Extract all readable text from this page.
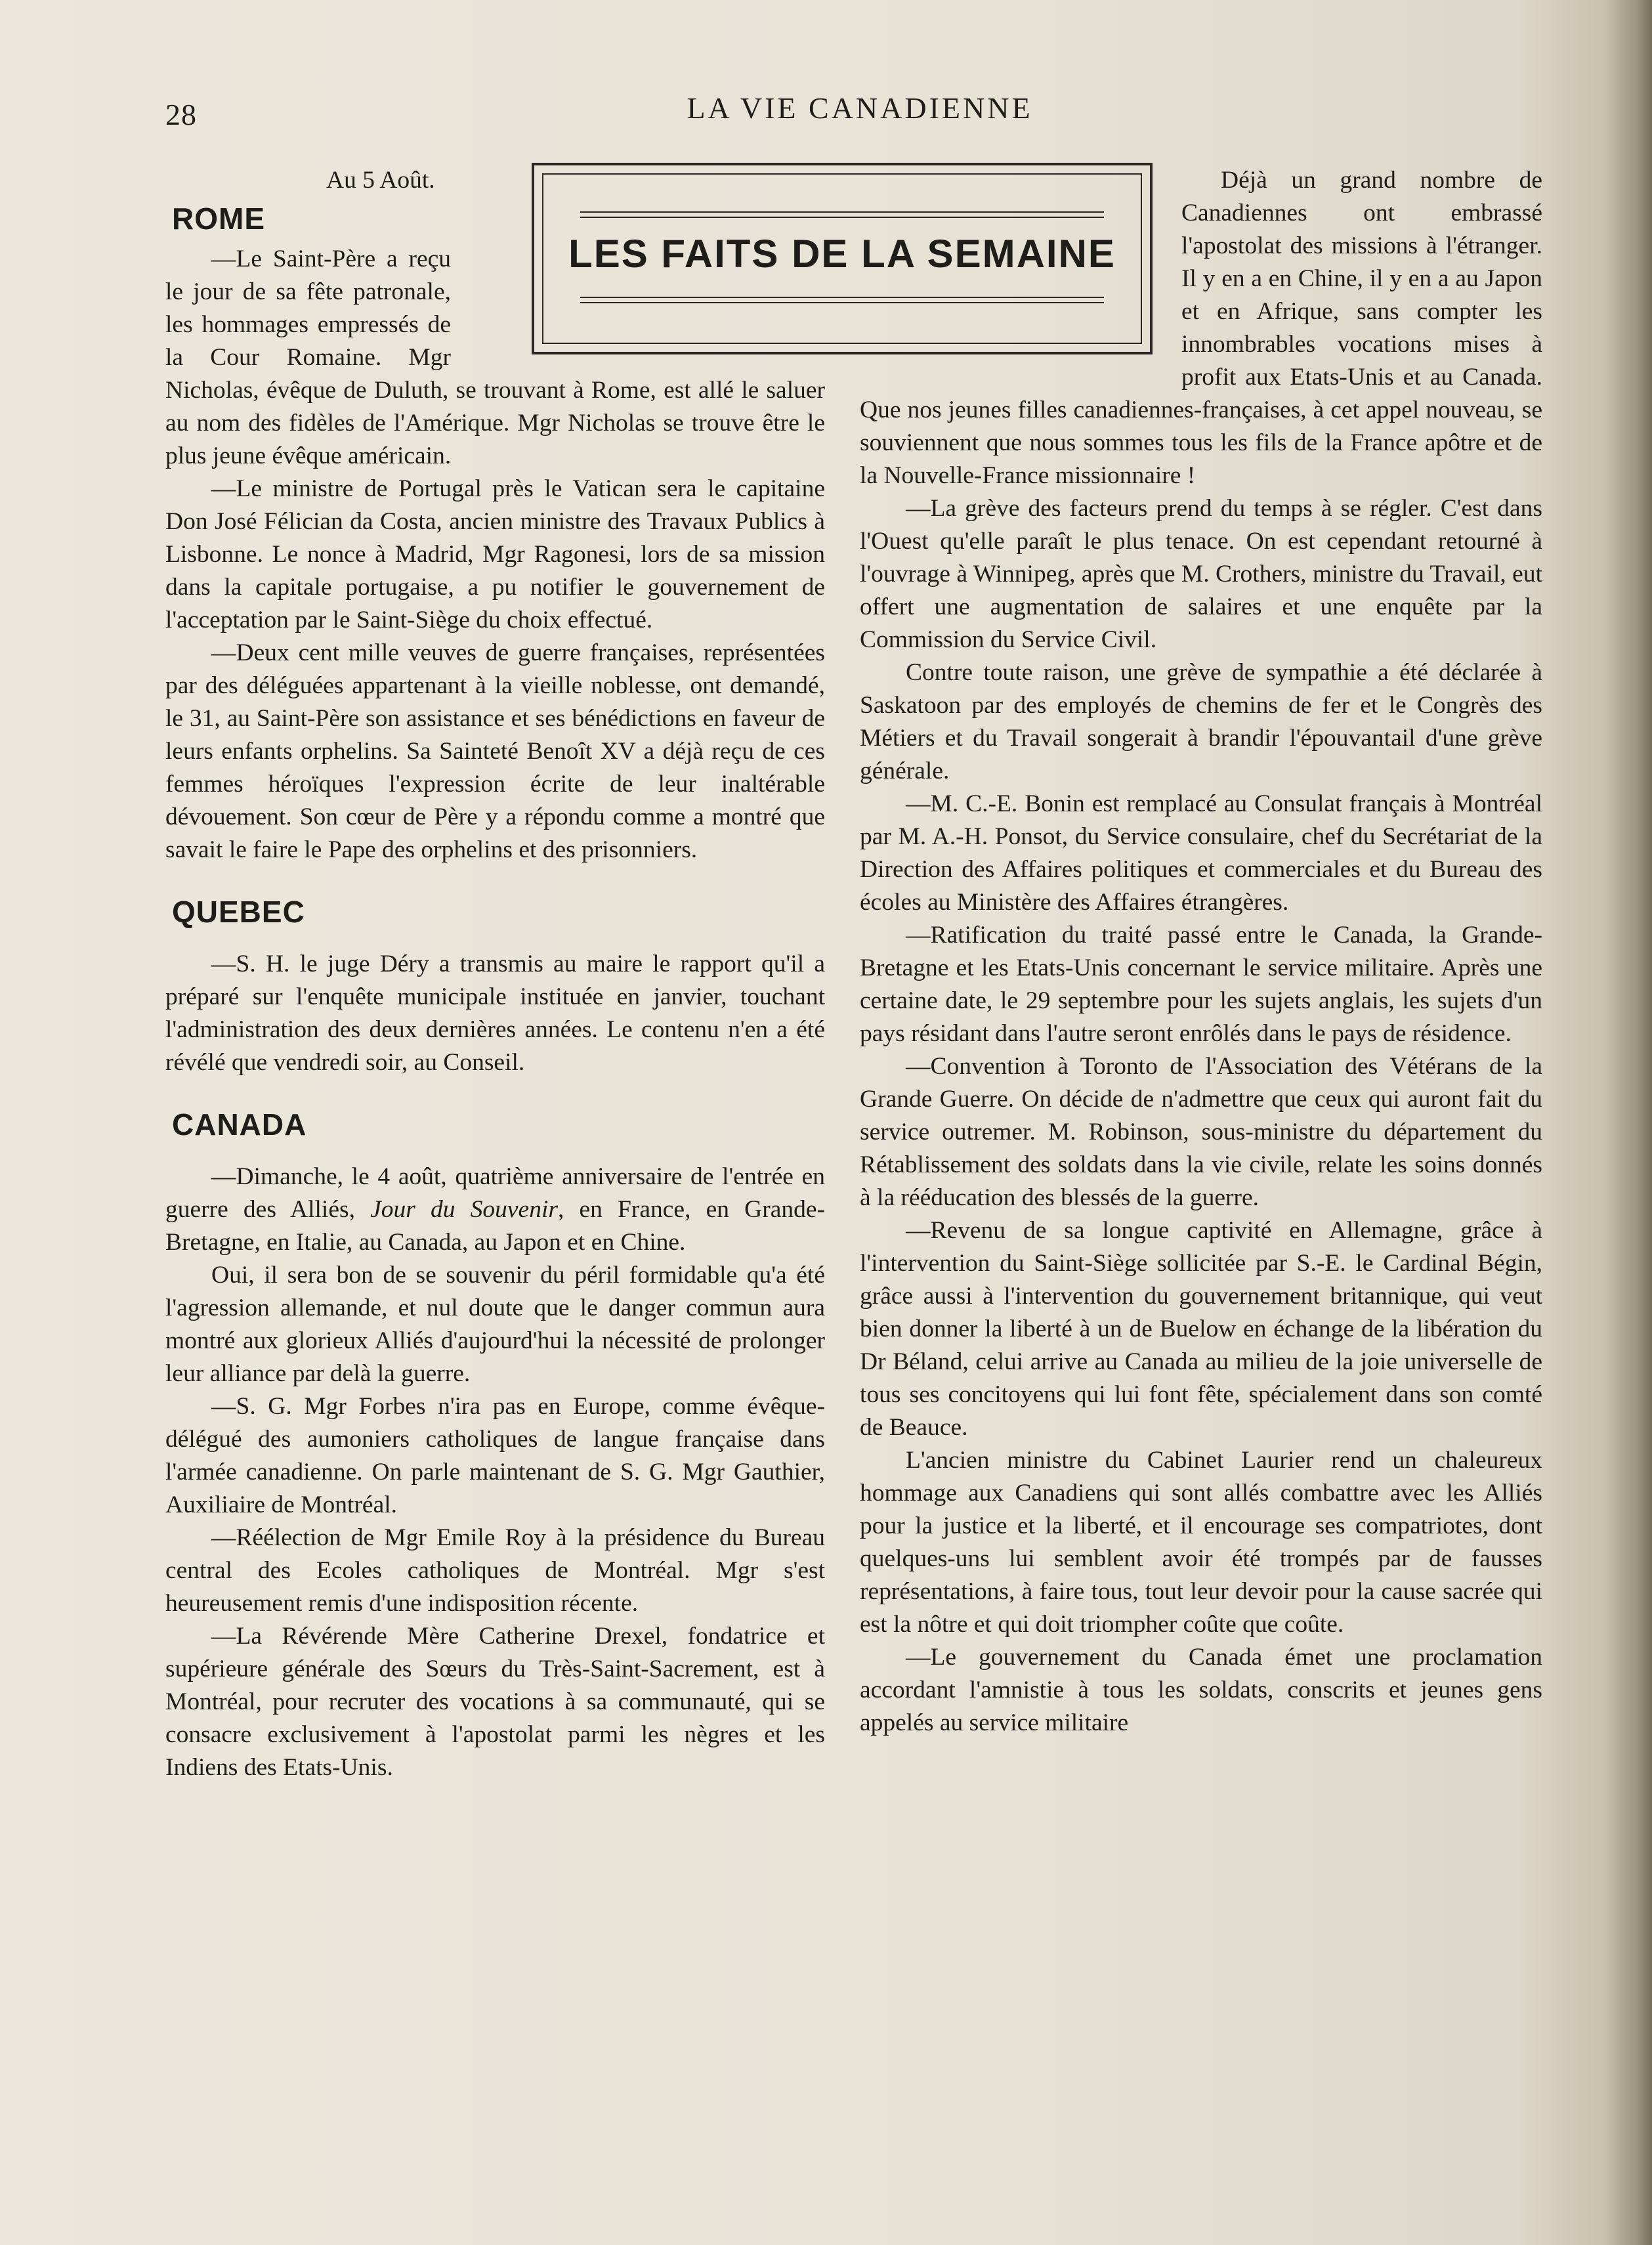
28	LA VIE CANADIENNE
LES FAITS DE LA SEMAINE

Au 5 Août.

ROME

—Le Saint-Père a reçu le jour de sa fête patronale, les hommages empressés de la Cour Romaine. Mgr Nicholas, évêque de Duluth, se trouvant à Rome, est allé le saluer au nom des fidèles de l'Amérique. Mgr Nicholas se trouve être le plus jeune évêque américain.

—Le ministre de Portugal près le Vatican sera le capitaine Don José Félician da Costa, ancien ministre des Travaux Publics à Lisbonne. Le nonce à Madrid, Mgr Ragonesi, lors de sa mission dans la capitale portugaise, a pu notifier le gouvernement de l'acceptation par le Saint-Siège du choix effectué.

—Deux cent mille veuves de guerre françaises, représentées par des déléguées appartenant à la vieille noblesse, ont demandé, le 31, au Saint-Père son assistance et ses bénédictions en faveur de leurs enfants orphelins. Sa Sainteté Benoît XV a déjà reçu de ces femmes héroïques l'expression écrite de leur inaltérable dévouement. Son cœur de Père y a répondu comme a montré que savait le faire le Pape des orphelins et des prisonniers.

QUEBEC

—S. H. le juge Déry a transmis au maire le rapport qu'il a préparé sur l'enquête municipale instituée en janvier, touchant l'administration des deux dernières années. Le contenu n'en a été révélé que vendredi soir, au Conseil.

CANADA

—Dimanche, le 4 août, quatrième anniversaire de l'entrée en guerre des Alliés, Jour du Souvenir, en France, en Grande-Bretagne, en Italie, au Canada, au Japon et en Chine.

Oui, il sera bon de se souvenir du péril formidable qu'a été l'agression allemande, et nul doute que le danger commun aura montré aux glorieux Alliés d'aujourd'hui la nécessité de prolonger leur alliance par delà la guerre.

—S. G. Mgr Forbes n'ira pas en Europe, comme évêque-délégué des aumoniers catholiques de langue française dans l'armée canadienne. On parle maintenant de S. G. Mgr Gauthier, Auxiliaire de Montréal.

—Réélection de Mgr Emile Roy à la présidence du Bureau central des Ecoles catholiques de Montréal. Mgr s'est heureusement remis d'une indisposition récente.

—La Révérende Mère Catherine Drexel, fondatrice et supérieure générale des Sœurs du Très-Saint-Sacrement, est à Montréal, pour recruter des vocations à sa communauté, qui se consacre exclusivement à l'apostolat parmi les nègres et les Indiens des Etats-Unis.

Déjà un grand nombre de Canadiennes ont embrassé l'apostolat des missions à l'étranger. Il y en a en Chine, il y en a au Japon et en Afrique, sans compter les innombrables vocations mises à profit aux Etats-Unis et au Canada. Que nos jeunes filles canadiennes-françaises, à cet appel nouveau, se souviennent que nous sommes tous les fils de la France apôtre et de la Nouvelle-France missionnaire !

—La grève des facteurs prend du temps à se régler. C'est dans l'Ouest qu'elle paraît le plus tenace. On est cependant retourné à l'ouvrage à Winnipeg, après que M. Crothers, ministre du Travail, eut offert une augmentation de salaires et une enquête par la Commission du Service Civil.

Contre toute raison, une grève de sympathie a été déclarée à Saskatoon par des employés de chemins de fer et le Congrès des Métiers et du Travail songerait à brandir l'épouvantail d'une grève générale.

—M. C.-E. Bonin est remplacé au Consulat français à Montréal par M. A.-H. Ponsot, du Service consulaire, chef du Secrétariat de la Direction des Affaires politiques et commerciales et du Bureau des écoles au Ministère des Affaires étrangères.

—Ratification du traité passé entre le Canada, la Grande-Bretagne et les Etats-Unis concernant le service militaire. Après une certaine date, le 29 septembre pour les sujets anglais, les sujets d'un pays résidant dans l'autre seront enrôlés dans le pays de résidence.

—Convention à Toronto de l'Association des Vétérans de la Grande Guerre. On décide de n'admettre que ceux qui auront fait du service outremer. M. Robinson, sous-ministre du département du Rétablissement des soldats dans la vie civile, relate les soins donnés à la rééducation des blessés de la guerre.

—Revenu de sa longue captivité en Allemagne, grâce à l'intervention du Saint-Siège sollicitée par S.-E. le Cardinal Bégin, grâce aussi à l'intervention du gouvernement britannique, qui veut bien donner la liberté à un de Buelow en échange de la libération du Dr Béland, celui arrive au Canada au milieu de la joie universelle de tous ses concitoyens qui lui font fête, spécialement dans son comté de Beauce.

L'ancien ministre du Cabinet Laurier rend un chaleureux hommage aux Canadiens qui sont allés combattre avec les Alliés pour la justice et la liberté, et il encourage ses compatriotes, dont quelques-uns lui semblent avoir été trompés par de fausses représentations, à faire tous, tout leur devoir pour la cause sacrée qui est la nôtre et qui doit triompher coûte que coûte.

—Le gouvernement du Canada émet une proclamation accordant l'amnistie à tous les soldats, conscrits et jeunes gens appelés au service militaire
